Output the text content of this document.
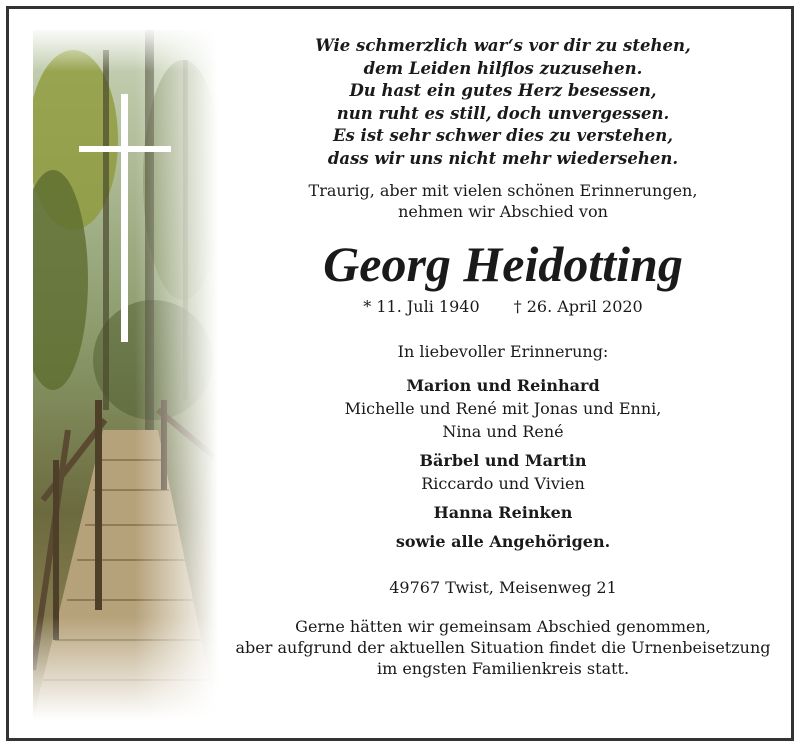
Wie schmerzlich war‘s vor dir zu stehen,
dem Leiden hilflos zuzusehen.
Du hast ein gutes Herz besessen,
nun ruht es still, doch unvergessen.
Es ist sehr schwer dies zu verstehen,
dass wir uns nicht mehr wiedersehen.
Traurig, aber mit vielen schönen Erinnerungen,
nehmen wir Abschied von
Georg Heidotting
* 11. Juli 1940 † 26. April 2020
In liebevoller Erinnerung:
Marion und Reinhard
Michelle und René mit Jonas und Enni,
Nina und René
Bärbel und Martin
Riccardo und Vivien
Hanna Reinken
sowie alle Angehörigen.
49767 Twist, Meisenweg 21
Gerne hätten wir gemeinsam Abschied genommen,
aber aufgrund der aktuellen Situation findet die Urnenbeisetzung
im engsten Familienkreis statt.
